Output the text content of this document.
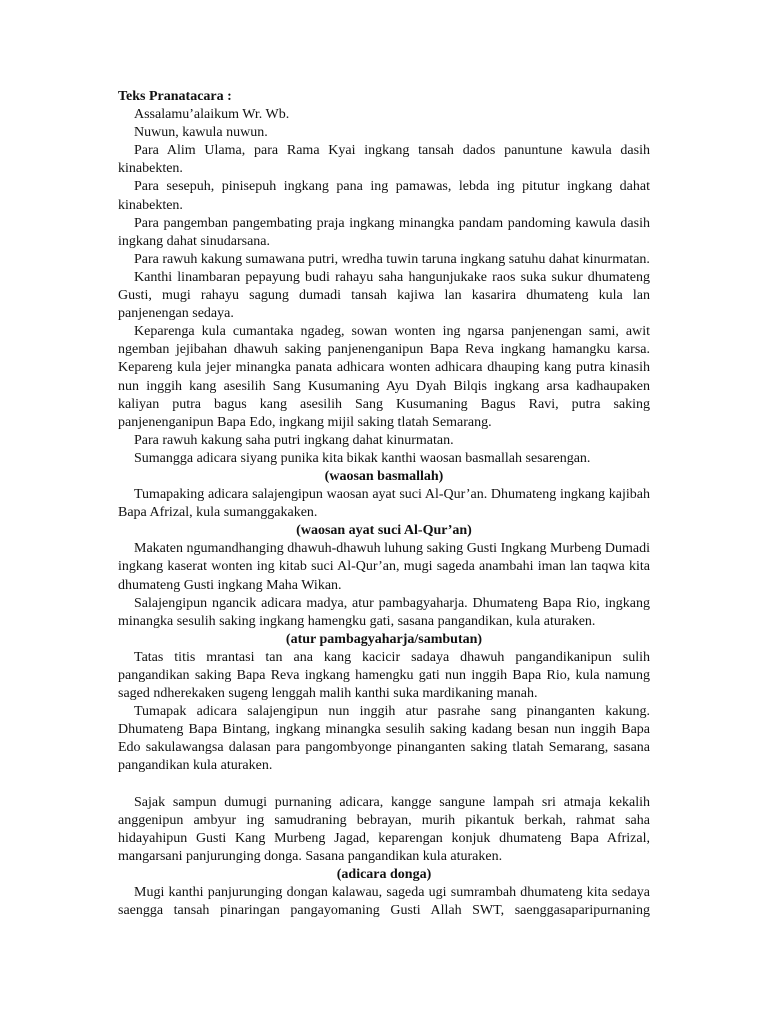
Teks Pranatacara :

Assalamu’alaikum Wr. Wb.

Nuwun, kawula nuwun.

Para Alim Ulama, para Rama Kyai ingkang tansah dados panuntune kawula dasih kinabekten.

Para sesepuh, pinisepuh ingkang pana ing pamawas, lebda ing pitutur ingkang dahat kinabekten.

Para pangemban pangembating praja ingkang minangka pandam pandoming kawula dasih ingkang dahat sinudarsana.

Para rawuh kakung sumawana putri, wredha tuwin taruna ingkang satuhu dahat kinurmatan.

Kanthi linambaran pepayung budi rahayu saha hangunjukake raos suka sukur dhumateng Gusti, mugi rahayu sagung dumadi tansah kajiwa lan kasarira dhumateng kula lan panjenengan sedaya.

Keparenga kula cumantaka ngadeg, sowan wonten ing ngarsa panjenengan sami, awit ngemban jejibahan dhawuh saking panjenenganipun Bapa Reva ingkang hamangku karsa. Kepareng kula jejer minangka panata adhicara wonten adhicara dhauping kang putra kinasih nun inggih kang asesilih Sang Kusumaning Ayu Dyah Bilqis ingkang arsa kadhaupaken kaliyan putra bagus kang asesilih Sang Kusumaning Bagus Ravi, putra saking panjenenganipun Bapa Edo, ingkang mijil saking tlatah Semarang.

Para rawuh kakung saha putri ingkang dahat kinurmatan.

Sumangga adicara siyang punika kita bikak kanthi waosan basmallah sesarengan.

(waosan basmallah)

Tumapaking adicara salajengipun waosan ayat suci Al-Qur’an. Dhumateng ingkang kajibah Bapa Afrizal, kula sumanggakaken.

(waosan ayat suci Al-Qur’an)

Makaten ngumandhanging dhawuh-dhawuh luhung saking Gusti Ingkang Murbeng Dumadi ingkang kaserat wonten ing kitab suci Al-Qur’an, mugi sageda anambahi iman lan taqwa kita dhumateng Gusti ingkang Maha Wikan.

Salajengipun ngancik adicara madya, atur pambagyaharja. Dhumateng Bapa Rio, ingkang minangka sesulih saking ingkang hamengku gati, sasana pangandikan, kula aturaken.

(atur pambagyaharja/sambutan)

Tatas titis mrantasi tan ana kang kacicir sadaya dhawuh pangandikanipun sulih pangandikan saking Bapa Reva ingkang hamengku gati nun inggih Bapa Rio, kula namung saged ndherekaken sugeng lenggah malih kanthi suka mardikaning manah.

Tumapak adicara salajengipun nun inggih atur pasrahe sang pinanganten kakung. Dhumateng Bapa Bintang, ingkang minangka sesulih saking kadang besan nun inggih Bapa Edo sakulawangsa dalasan para pangombyonge pinanganten saking tlatah Semarang, sasana pangandikan kula aturaken.

Sajak sampun dumugi purnaning adicara, kangge sangune lampah sri atmaja kekalih anggenipun ambyur ing samudraning bebrayan, murih pikantuk berkah, rahmat saha hidayahipun Gusti Kang Murbeng Jagad, keparengan konjuk dhumateng Bapa Afrizal, mangarsani panjurunging donga. Sasana pangandikan kula aturaken.

(adicara donga)

Mugi kanthi panjurunging dongan kalawau, sageda ugi sumrambah dhumateng kita sedaya saengga tansah pinaringan pangayomaning Gusti Allah SWT, saenggasaparipurnaning
